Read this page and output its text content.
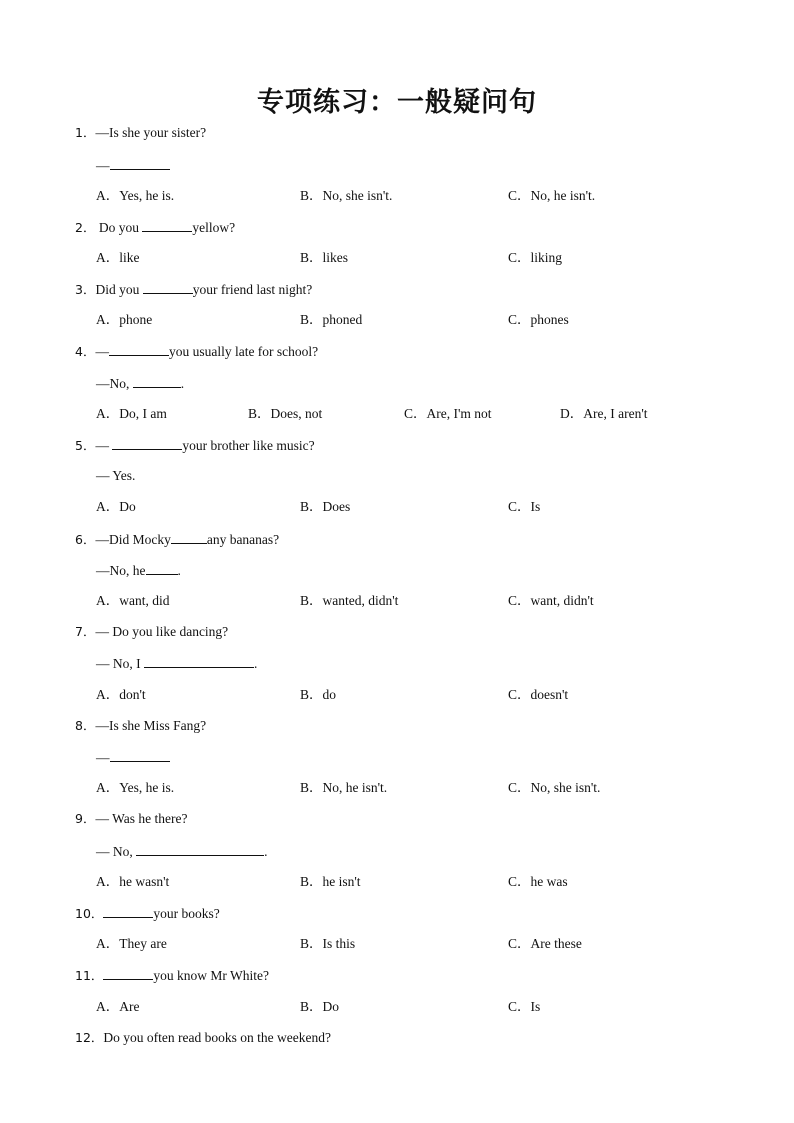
专项练习：一般疑问句
1．—Is she your sister?
—
A．Yes, he is.	B．No, she isn't.	C．No, he isn't.
2． Do you	yellow?
A．like	B．likes	C．liking
3．Did you	your friend last night?
A．phone	B．phoned	C．phones
4．—	you usually late for school?
—No,	.
A．Do, I am	B．Does, not	C．Are, I'm not	D．Are, I aren't
5．—	your brother like music?
— Yes.
A．Do	B．Does	C．Is
6．—Did Mocky	any bananas?
—No, he .
A．want, did	B．wanted, didn't	C．want, didn't
7．— Do you like dancing?
— No, I	.
A．don't	B．do	C．doesn't
8．—Is she Miss Fang?
—
A．Yes, he is.	B．No, he isn't.	C．No, she isn't.
9．— Was he there?
— No,	.
A．he wasn't	B．he isn't	C．he was
10．	your books?
A．They are	B．Is this	C．Are these
11．	you know Mr White?
A．Are	B．Do	C．Is
12．Do you often read books on the weekend?
